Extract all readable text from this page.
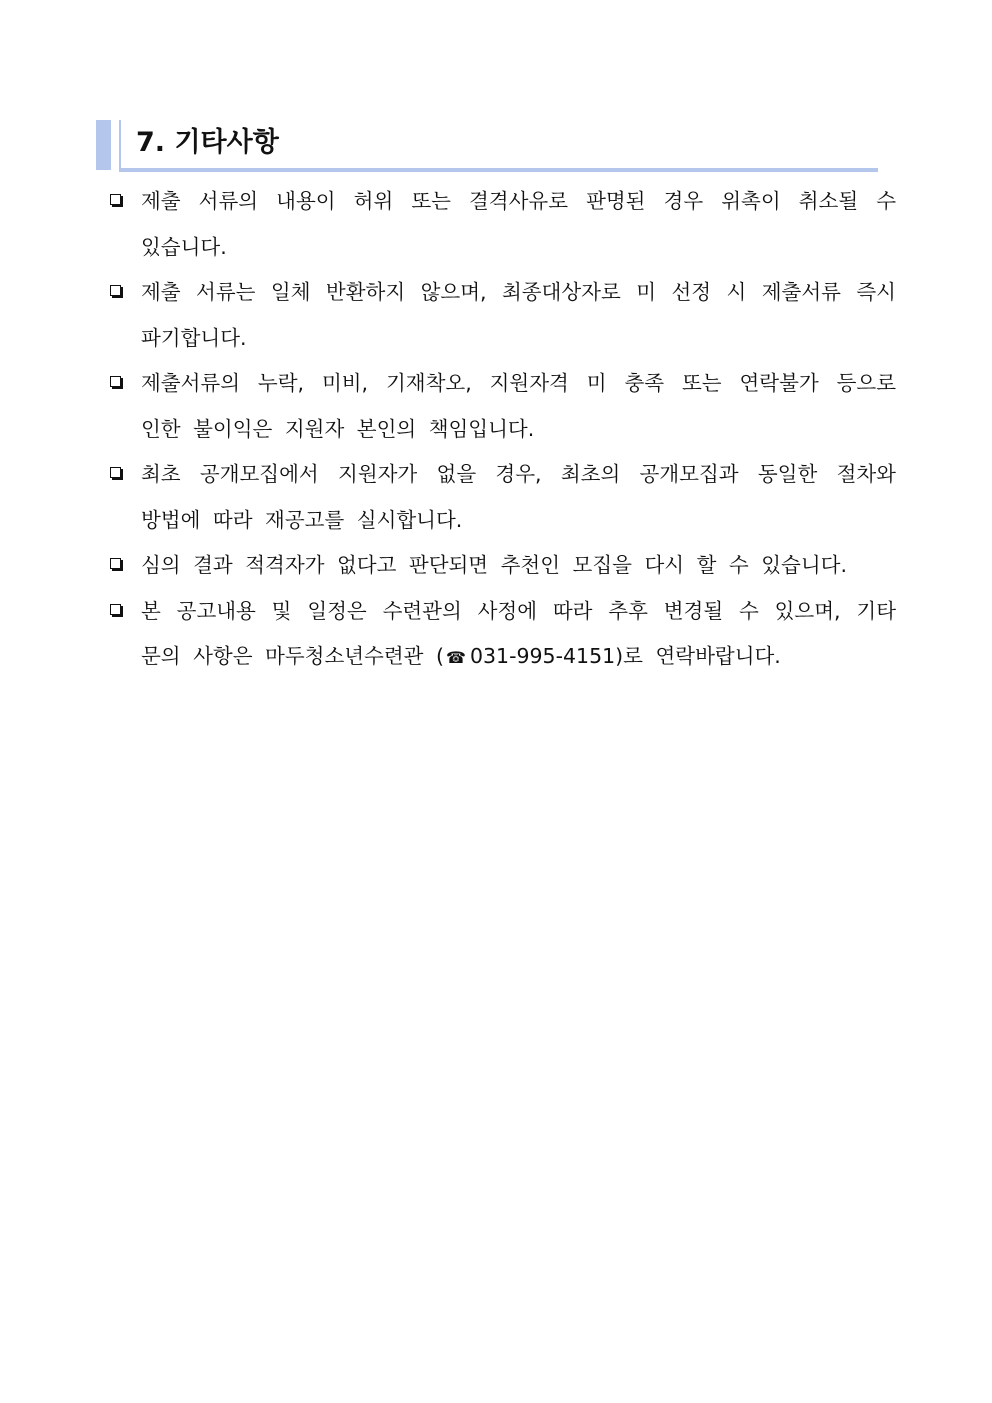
7. 기타사항
제출 서류의 내용이 허위 또는 결격사유로 판명된 경우 위촉이 취소될 수 있습니다.
제출 서류는 일체 반환하지 않으며, 최종대상자로 미 선정 시 제출서류 즉시 파기합니다.
제출서류의 누락, 미비, 기재착오, 지원자격 미 충족 또는 연락불가 등으로 인한 불이익은 지원자 본인의 책임입니다.
최초 공개모집에서 지원자가 없을 경우, 최초의 공개모집과 동일한 절차와 방법에 따라 재공고를 실시합니다.
심의 결과 적격자가 없다고 판단되면 추천인 모집을 다시 할 수 있습니다.
본 공고내용 및 일정은 수련관의 사정에 따라 추후 변경될 수 있으며, 기타 문의 사항은 마두청소년수련관 ( ☎ 031-995-4151)로 연락바랍니다.
